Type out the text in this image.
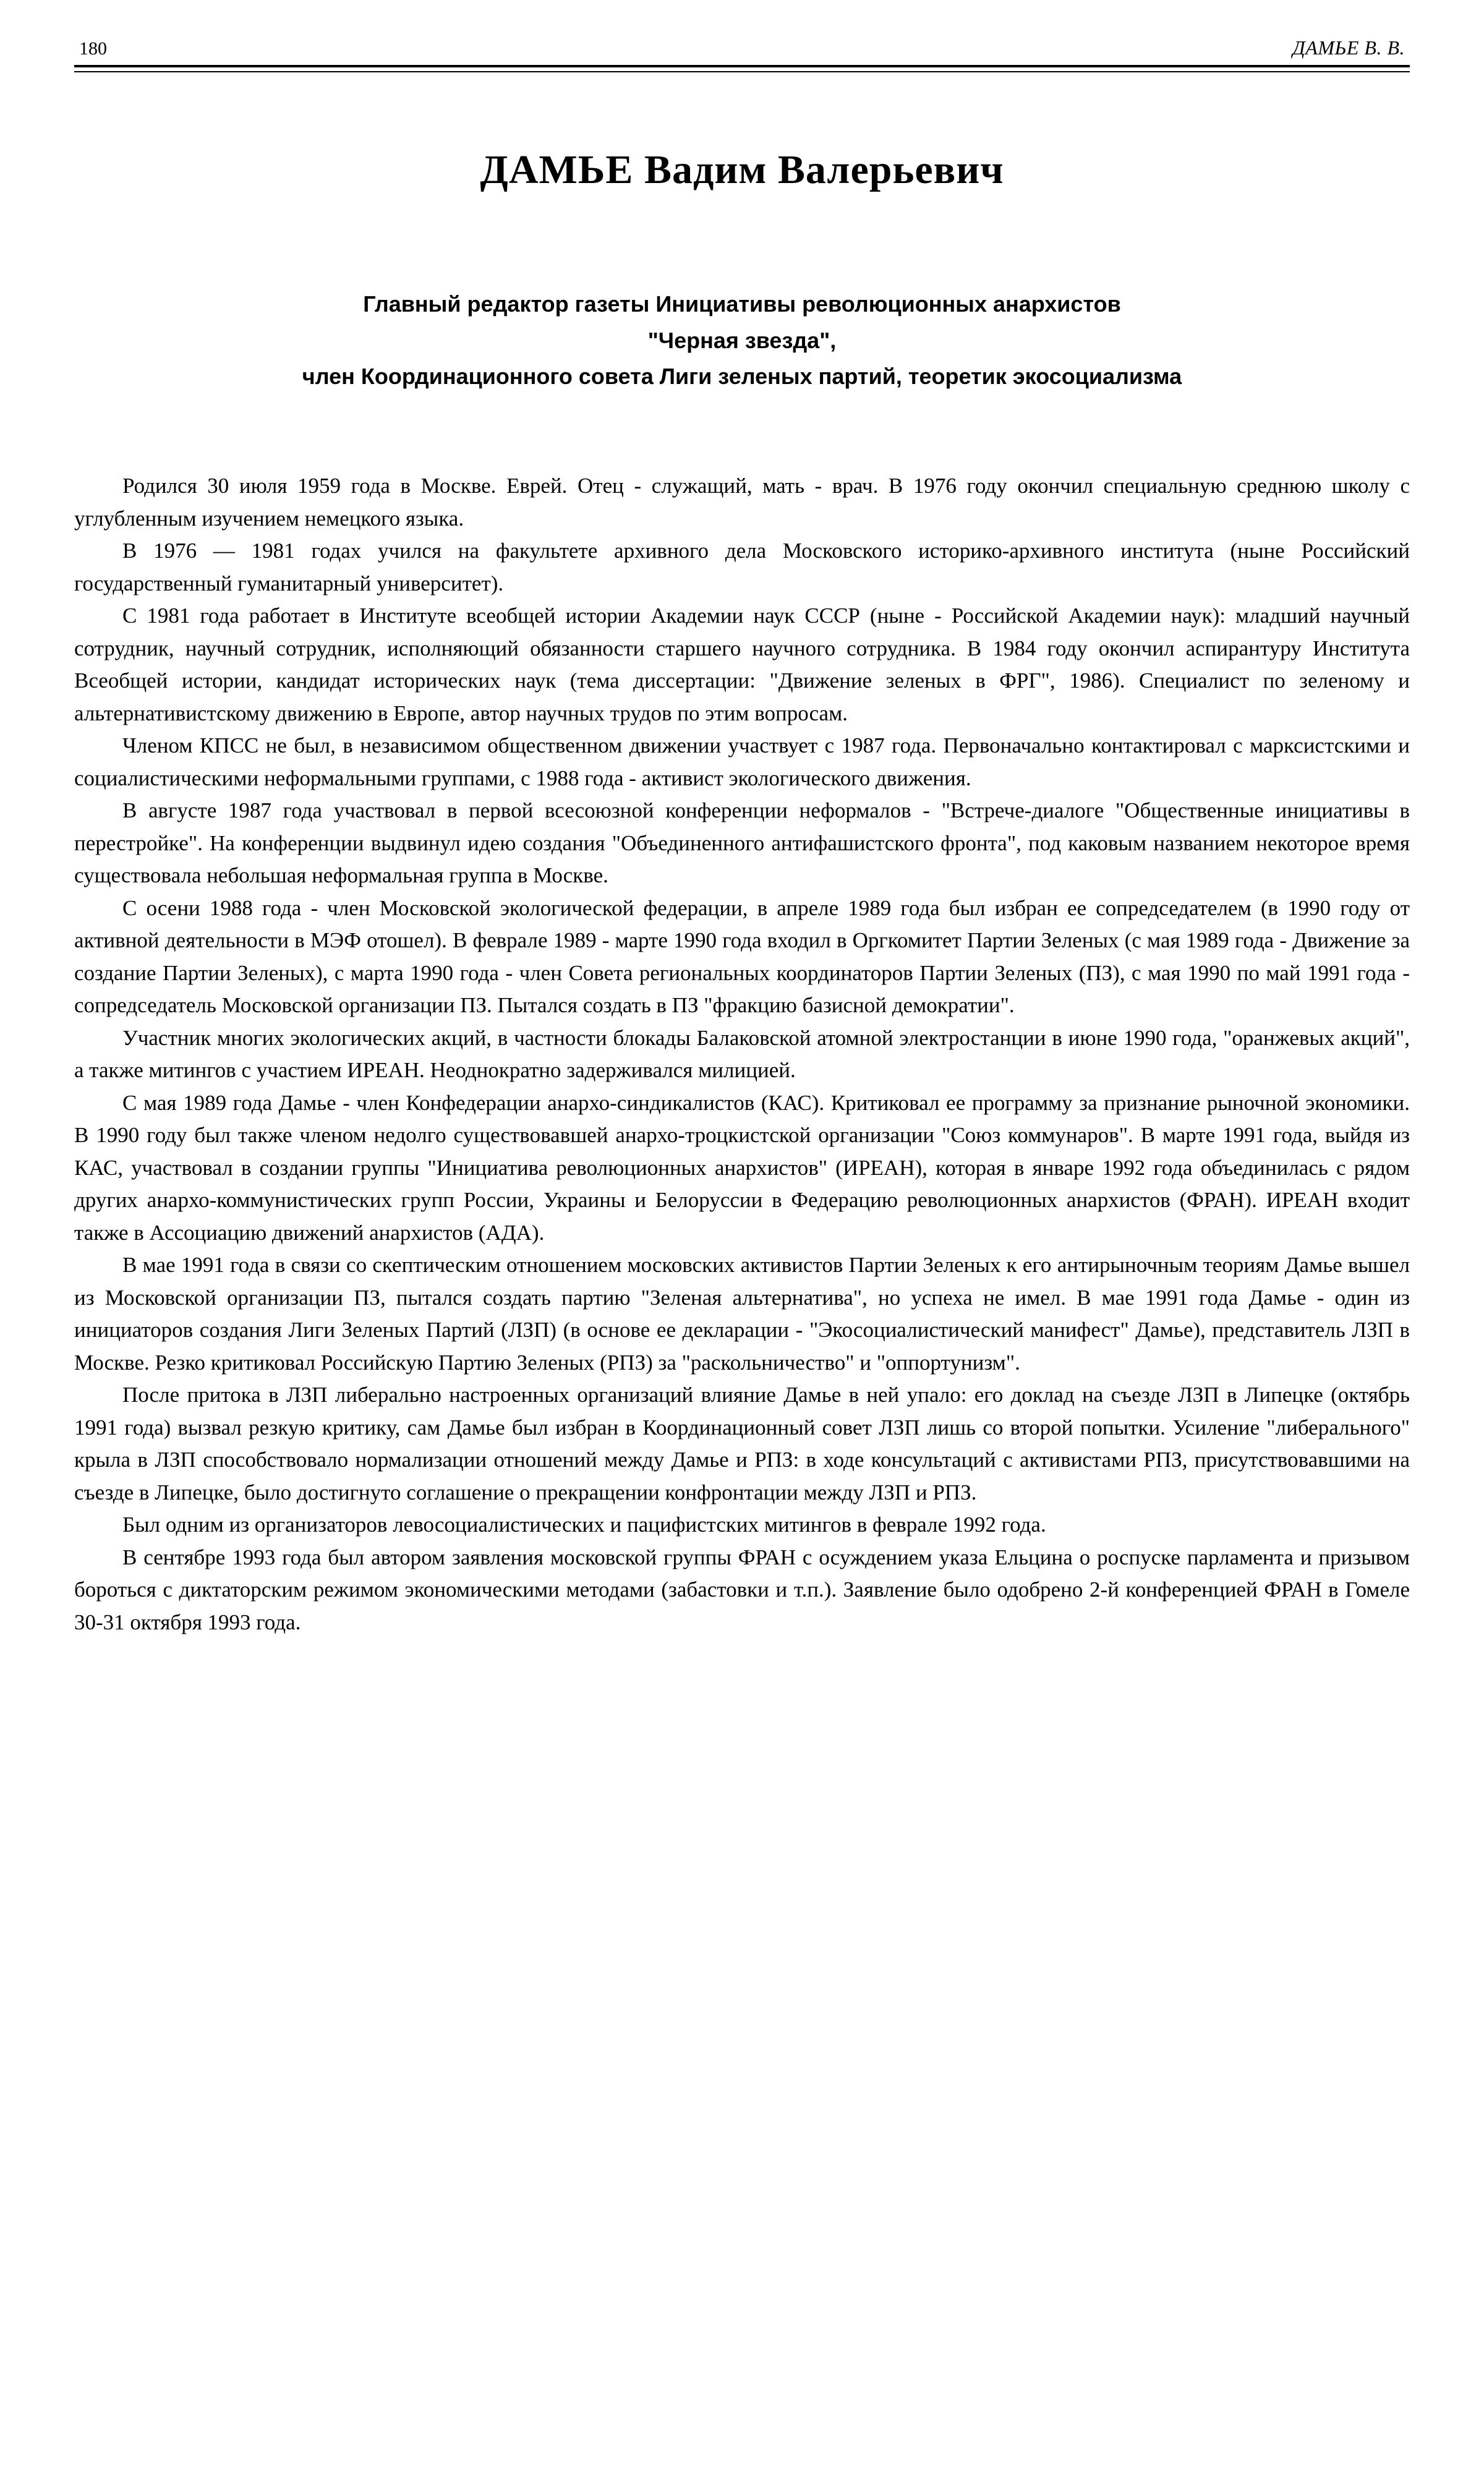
180	ДАМЬЕ В. В.
ДАМЬЕ Вадим Валерьевич
Главный редактор газеты Инициативы революционных анархистов
"Черная звезда",
член Координационного совета Лиги зеленых партий, теоретик экосоциализма

Родился 30 июля 1959 года в Москве. Еврей. Отец - служащий, мать - врач. В 1976 году окончил специальную среднюю школу с углубленным изучением немецкого языка.

В 1976 — 1981 годах учился на факультете архивного дела Московского историко-архивного института (ныне Российский государственный гуманитарный университет).

С 1981 года работает в Институте всеобщей истории Академии наук СССР (ныне - Российской Академии наук): младший научный сотрудник, научный сотрудник, исполняющий обязанности старшего научного сотрудника. В 1984 году окончил аспирантуру Института Всеобщей истории, кандидат исторических наук (тема диссертации: "Движение зеленых в ФРГ", 1986). Специалист по зеленому и альтернативистскому движению в Европе, автор научных трудов по этим вопросам.

Членом КПСС не был, в независимом общественном движении участвует с 1987 года. Первоначально контактировал с марксистскими и социалистическими неформальными группами, с 1988 года - активист экологического движения.

В августе 1987 года участвовал в первой всесоюзной конференции неформалов - "Встрече-диалоге "Общественные инициативы в перестройке". На конференции выдвинул идею создания "Объединенного антифашистского фронта", под каковым названием некоторое время существовала небольшая неформальная группа в Москве.

С осени 1988 года - член Московской экологической федерации, в апреле 1989 года был избран ее сопредседателем (в 1990 году от активной деятельности в МЭФ отошел). В феврале 1989 - марте 1990 года входил в Оргкомитет Партии Зеленых (с мая 1989 года - Движение за создание Партии Зеленых), с марта 1990 года - член Совета региональных координаторов Партии Зеленых (ПЗ), с мая 1990 по май 1991 года - сопредседатель Московской организации ПЗ. Пытался создать в ПЗ "фракцию базисной демократии".

Участник многих экологических акций, в частности блокады Балаковской атомной электростанции в июне 1990 года, "оранжевых акций", а также митингов с участием ИРЕАН. Неоднократно задерживался милицией.

С мая 1989 года Дамье - член Конфедерации анархо-синдикалистов (КАС). Критиковал ее программу за признание рыночной экономики. В 1990 году был также членом недолго существовавшей анархо-троцкистской организации "Союз коммунаров". В марте 1991 года, выйдя из КАС, участвовал в создании группы "Инициатива революционных анархистов" (ИРЕАН), которая в январе 1992 года объединилась с рядом других анархо-коммунистических групп России, Украины и Белоруссии в Федерацию революционных анархистов (ФРАН). ИРЕАН входит также в Ассоциацию движений анархистов (АДА).

В мае 1991 года в связи со скептическим отношением московских активистов Партии Зеленых к его антирыночным теориям Дамье вышел из Московской организации ПЗ, пытался создать партию "Зеленая альтернатива", но успеха не имел. В мае 1991 года Дамье - один из инициаторов создания Лиги Зеленых Партий (ЛЗП) (в основе ее декларации - "Экосоциалистический манифест" Дамье), представитель ЛЗП в Москве. Резко критиковал Российскую Партию Зеленых (РПЗ) за "раскольничество" и "оппортунизм".

После притока в ЛЗП либерально настроенных организаций влияние Дамье в ней упало: его доклад на съезде ЛЗП в Липецке (октябрь 1991 года) вызвал резкую критику, сам Дамье был избран в Координационный совет ЛЗП лишь со второй попытки. Усиление "либерального" крыла в ЛЗП способствовало нормализации отношений между Дамье и РПЗ: в ходе консультаций с активистами РПЗ, присутствовавшими на съезде в Липецке, было достигнуто соглашение о прекращении конфронтации между ЛЗП и РПЗ.

Был одним из организаторов левосоциалистических и пацифистских митингов в феврале 1992 года.

В сентябре 1993 года был автором заявления московской группы ФРАН с осуждением указа Ельцина о роспуске парламента и призывом бороться с диктаторским режимом экономическими методами (забастовки и т.п.). Заявление было одобрено 2-й конференцией ФРАН в Гомеле 30-31 октября 1993 года.
